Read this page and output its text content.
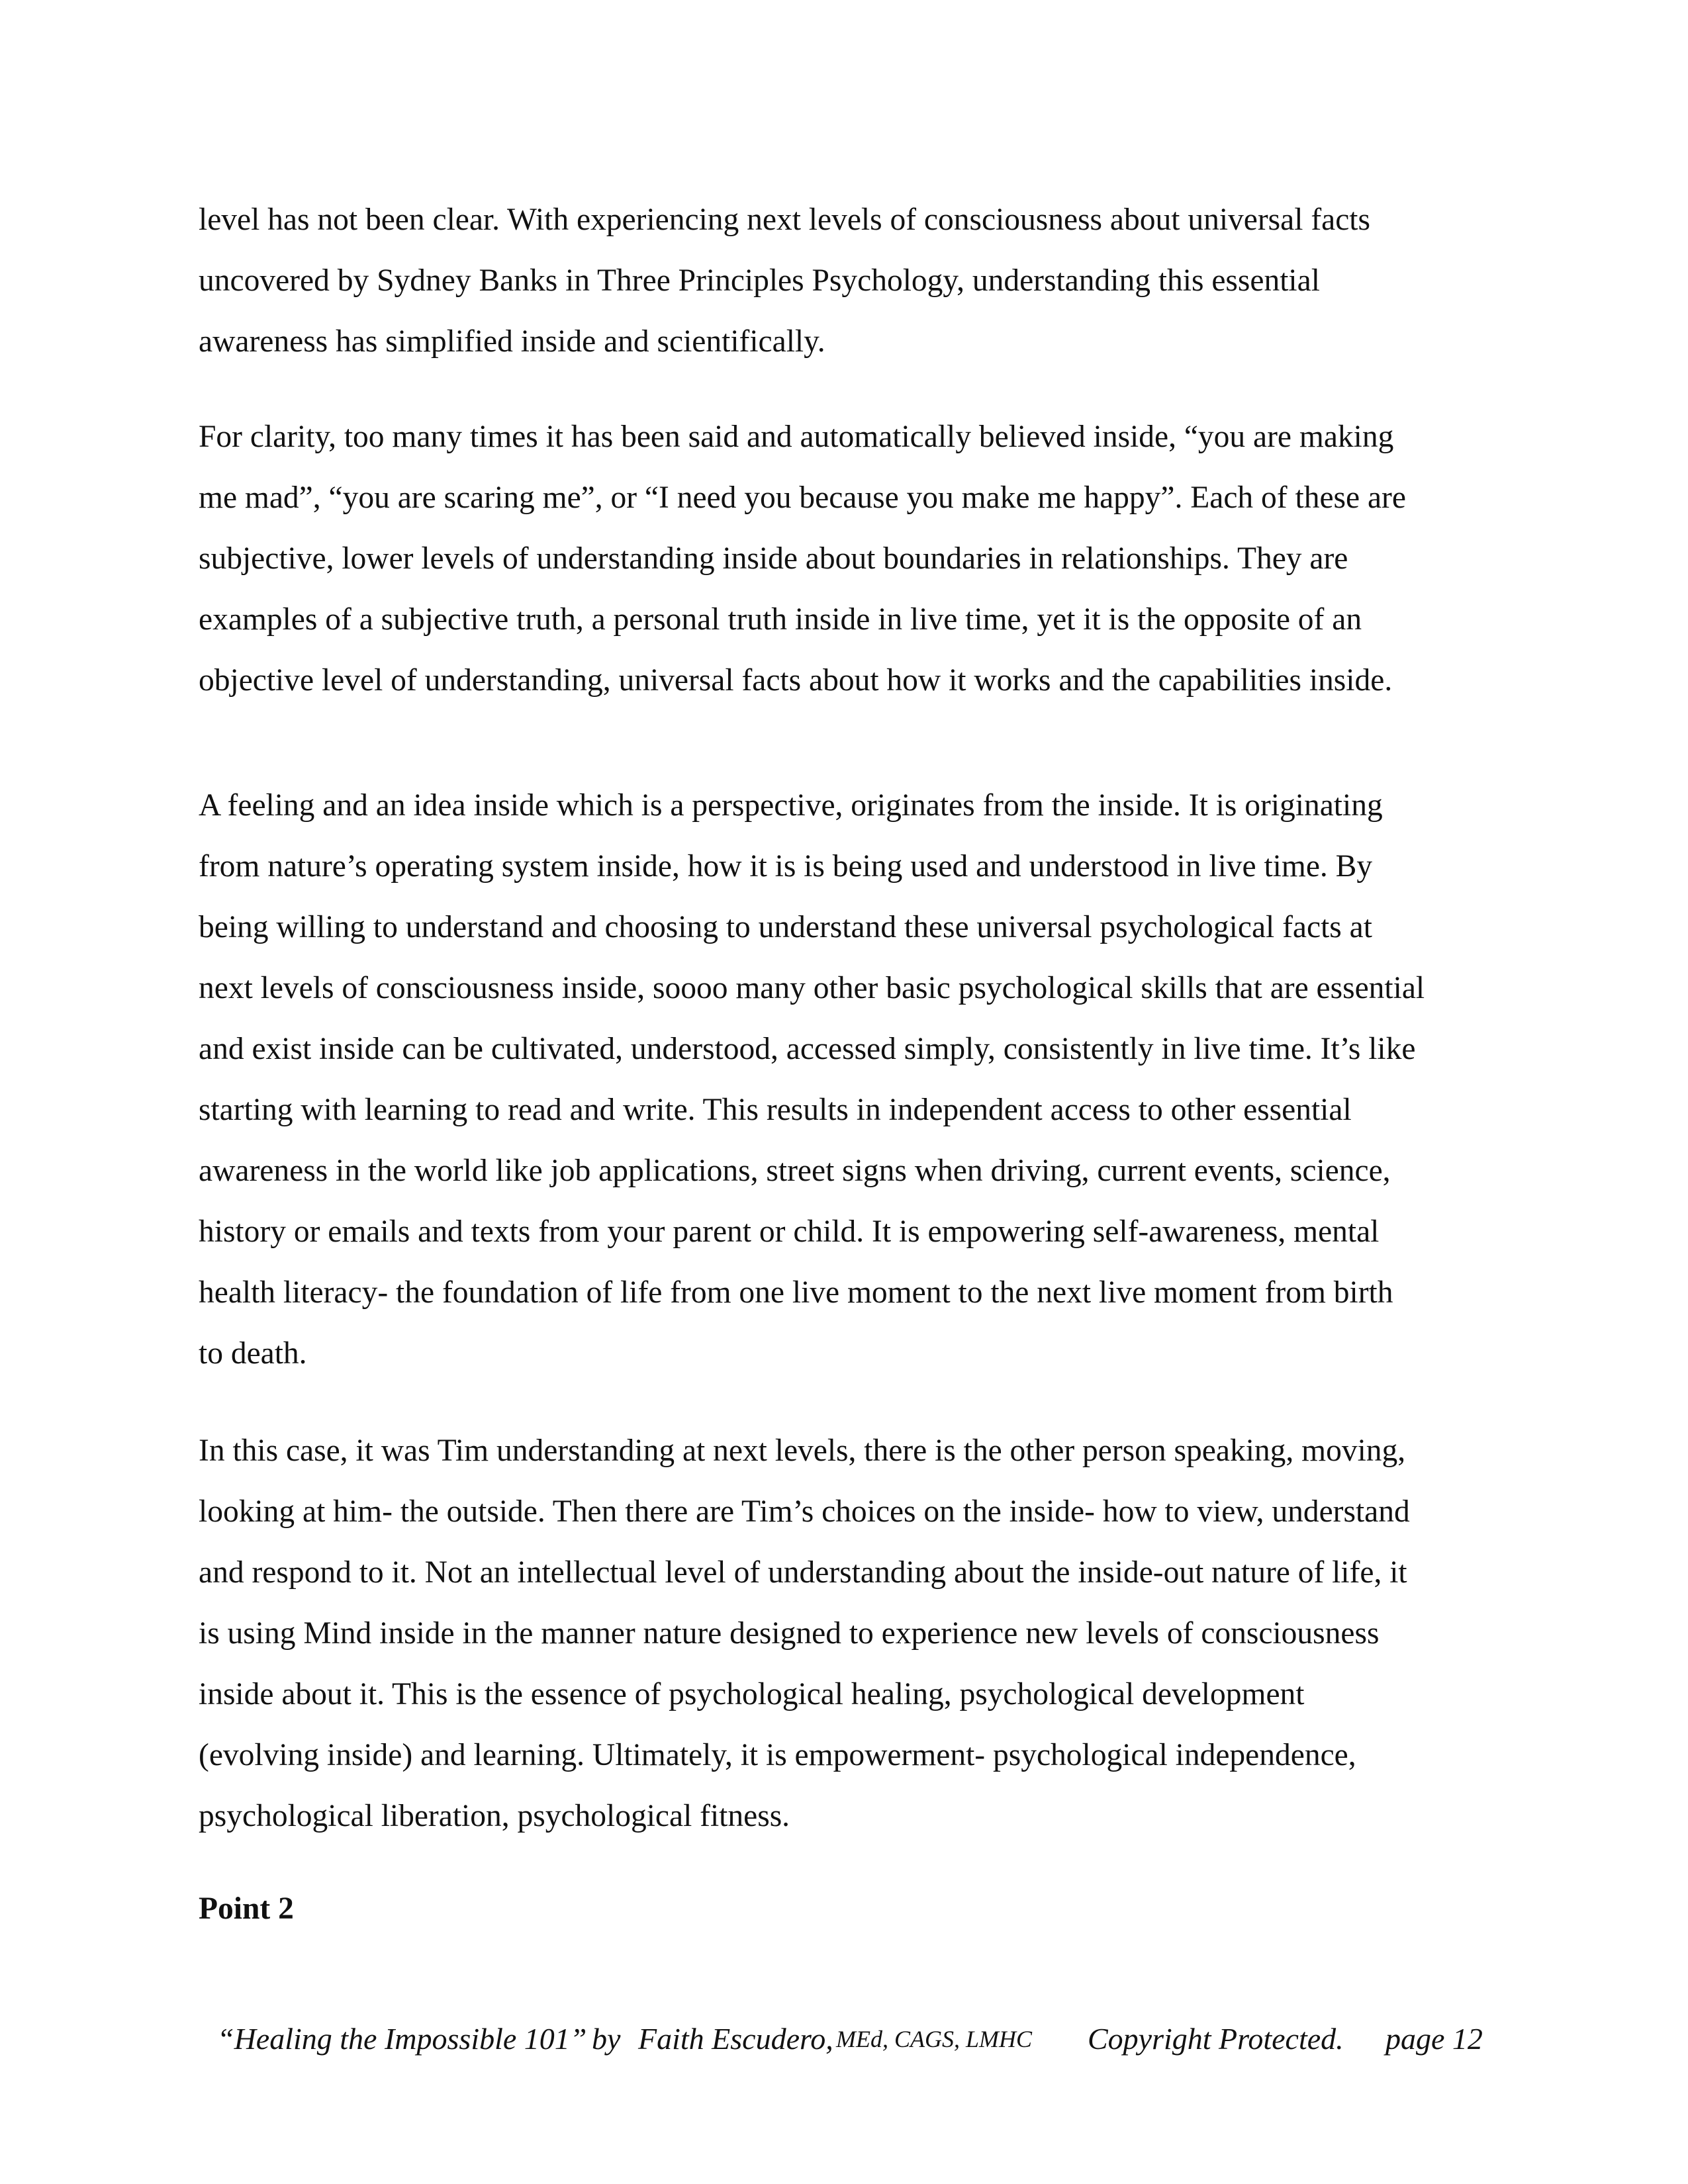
level has not been clear. With experiencing next levels of consciousness about universal facts
uncovered by Sydney Banks in Three Principles Psychology, understanding this essential
awareness has simplified inside and scientifically.

For clarity, too many times it has been said and automatically believed inside, “you are making
me mad”, “you are scaring me”, or “I need you because you make me happy”. Each of these are
subjective, lower levels of understanding inside about boundaries in relationships. They are
examples of a subjective truth, a personal truth inside in live time, yet it is the opposite of an
objective level of understanding, universal facts about how it works and the capabilities inside.

A feeling and an idea inside which is a perspective, originates from the inside. It is originating
from nature’s operating system inside, how it is is being used and understood in live time. By
being willing to understand and choosing to understand these universal psychological facts at
next levels of consciousness inside, soooo many other basic psychological skills that are essential
and exist inside can be cultivated, understood, accessed simply, consistently in live time. It’s like
starting with learning to read and write. This results in independent access to other essential
awareness in the world like job applications, street signs when driving, current events, science,
history or emails and texts from your parent or child. It is empowering self-awareness, mental
health literacy- the foundation of life from one live moment to the next live moment from birth
to death.

In this case, it was Tim understanding at next levels, there is the other person speaking, moving,
looking at him- the outside. Then there are Tim’s choices on the inside- how to view, understand
and respond to it. Not an intellectual level of understanding about the inside-out nature of life, it
is using Mind inside in the manner nature designed to experience new levels of consciousness
inside about it. This is the essence of psychological healing, psychological development
(evolving inside) and learning. Ultimately, it is empowerment- psychological independence,
psychological liberation, psychological fitness.

Point 2
“Healing the Impossible 101” by Faith Escudero, MEd, CAGS, LMHC Copyright Protected. page 12
